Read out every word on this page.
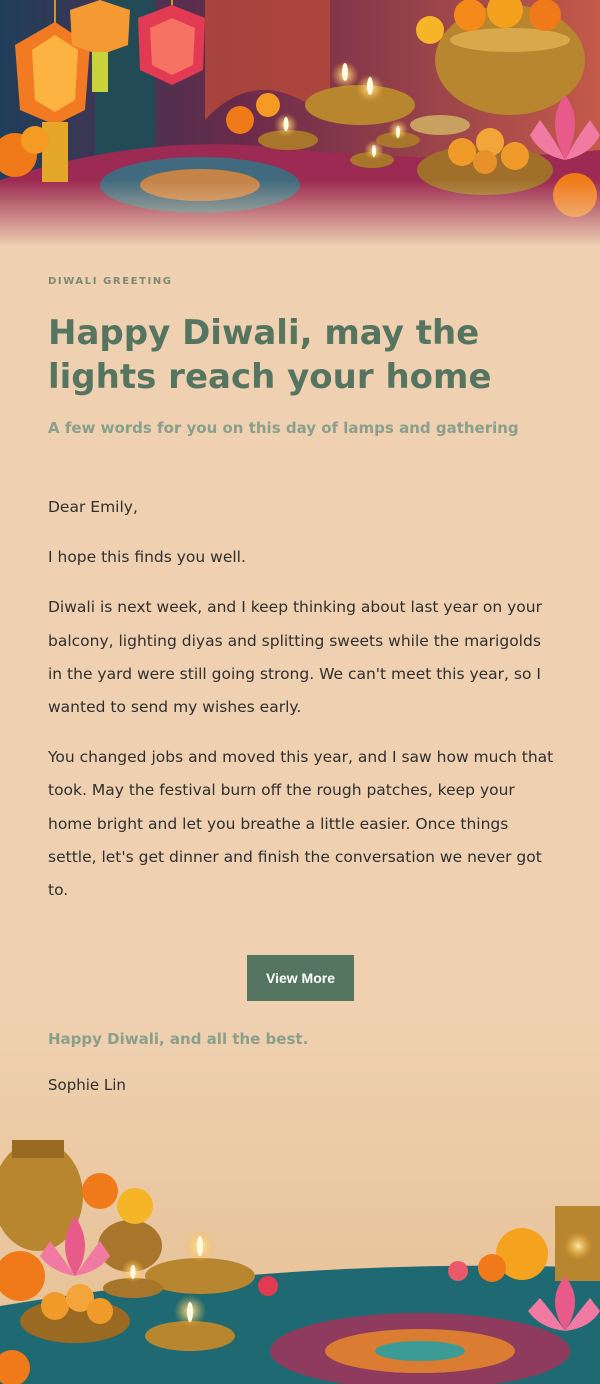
DIWALI GREETING
Happy Diwali, may the lights reach your home
A few words for you on this day of lamps and gathering

Dear Emily,

I hope this finds you well.

Diwali is next week, and I keep thinking about last year on your balcony, lighting diyas and splitting sweets while the marigolds in the yard were still going strong. We can't meet this year, so I wanted to send my wishes early.

You changed jobs and moved this year, and I saw how much that took. May the festival burn off the rough patches, keep your home bright and let you breathe a little easier. Once things settle, let's get dinner and finish the conversation we never got to.

View More
Happy Diwali, and all the best.
Sophie Lin
